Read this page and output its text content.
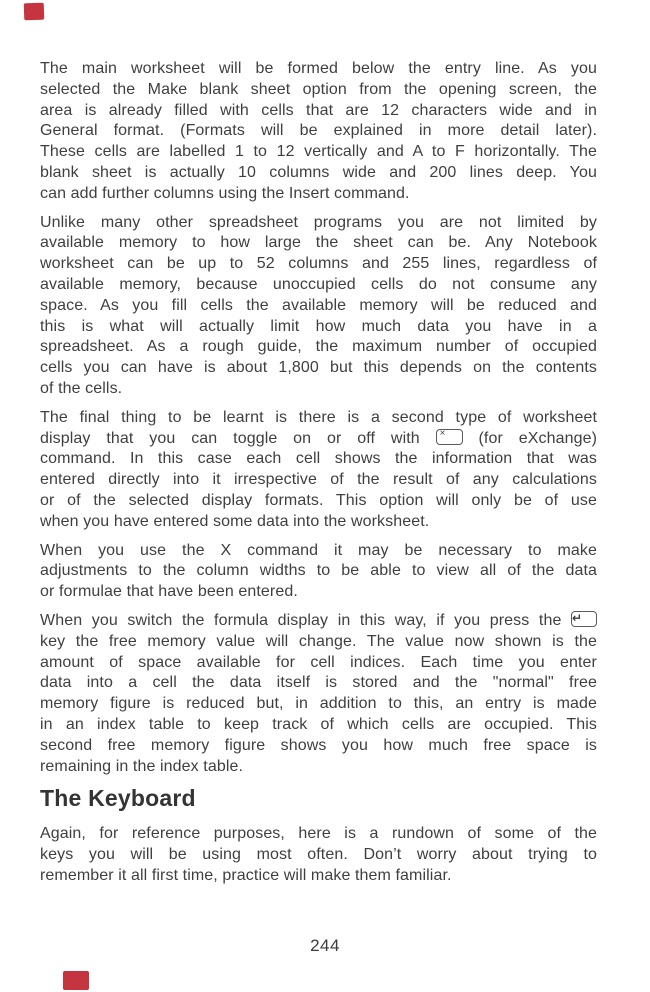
The main worksheet will be formed below the entry line. As you
selected the Make blank sheet option from the opening screen, the
area is already filled with cells that are 12 characters wide and in
General format. (Formats will be explained in more detail later).
These cells are labelled 1 to 12 vertically and A to F horizontally. The
blank sheet is actually 10 columns wide and 200 lines deep. You
can add further columns using the Insert command.
Unlike many other spreadsheet programs you are not limited by
available memory to how large the sheet can be. Any Notebook
worksheet can be up to 52 columns and 255 lines, regardless of
available memory, because unoccupied cells do not consume any
space. As you fill cells the available memory will be reduced and
this is what will actually limit how much data you have in a
spreadsheet. As a rough guide, the maximum number of occupied
cells you can have is about 1,800 but this depends on the contents
of the cells.
The final thing to be learnt is there is a second type of worksheet
display that you can toggle on or off with × (for eXchange)
command. In this case each cell shows the information that was
entered directly into it irrespective of the result of any calculations
or of the selected display formats. This option will only be of use
when you have entered some data into the worksheet.
When you use the X command it may be necessary to make
adjustments to the column widths to be able to view all of the data
or formulae that have been entered.
When you switch the formula display in this way, if you press the ↵
key the free memory value will change. The value now shown is the
amount of space available for cell indices. Each time you enter
data into a cell the data itself is stored and the "normal" free
memory figure is reduced but, in addition to this, an entry is made
in an index table to keep track of which cells are occupied. This
second free memory figure shows you how much free space is
remaining in the index table.
The Keyboard
Again, for reference purposes, here is a rundown of some of the
keys you will be using most often. Don’t worry about trying to
remember it all first time, practice will make them familiar.
244
